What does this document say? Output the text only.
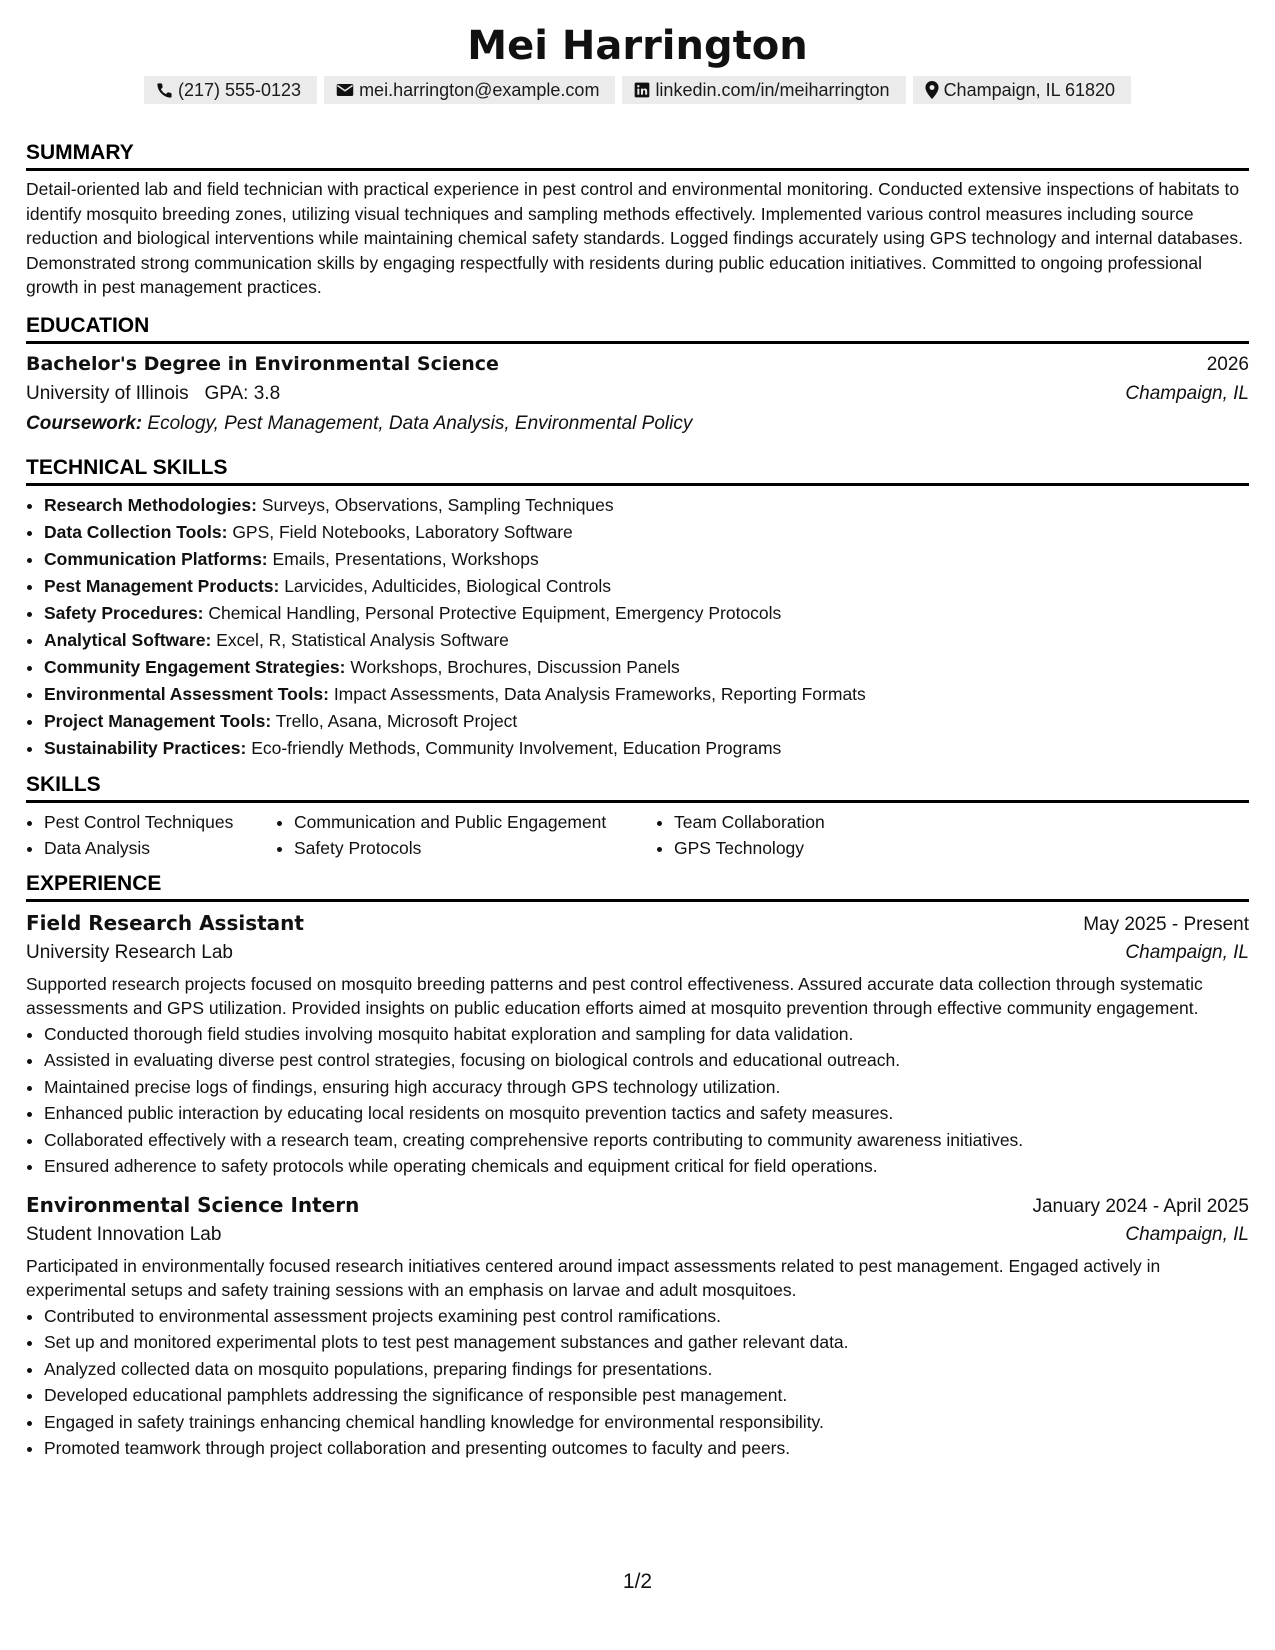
Mei Harrington
(217) 555-0123	mei.harrington@example.com	linkedin.com/in/meiharrington	Champaign, IL 61820
SUMMARY

Detail-oriented lab and field technician with practical experience in pest control and environmental monitoring. Conducted extensive inspections of habitats to identify mosquito breeding zones, utilizing visual techniques and sampling methods effectively. Implemented various control measures including source reduction and biological interventions while maintaining chemical safety standards. Logged findings accurately using GPS technology and internal databases. Demonstrated strong communication skills by engaging respectfully with residents during public education initiatives. Committed to ongoing professional growth in pest management practices.

EDUCATION
Bachelor's Degree in Environmental Science	2026
University of Illinois GPA: 3.8	Champaign, IL
Coursework: Ecology, Pest Management, Data Analysis, Environmental Policy
TECHNICAL SKILLS
• Research Methodologies: Surveys, Observations, Sampling Techniques
• Data Collection Tools: GPS, Field Notebooks, Laboratory Software
• Communication Platforms: Emails, Presentations, Workshops
• Pest Management Products: Larvicides, Adulticides, Biological Controls
• Safety Procedures: Chemical Handling, Personal Protective Equipment, Emergency Protocols
• Analytical Software: Excel, R, Statistical Analysis Software
• Community Engagement Strategies: Workshops, Brochures, Discussion Panels
• Environmental Assessment Tools: Impact Assessments, Data Analysis Frameworks, Reporting Formats
• Project Management Tools: Trello, Asana, Microsoft Project
• Sustainability Practices: Eco-friendly Methods, Community Involvement, Education Programs
SKILLS
• Pest Control Techniques
• Data Analysis
• Communication and Public Engagement
• Safety Protocols
• Team Collaboration
• GPS Technology
EXPERIENCE
Field Research Assistant	May 2025 - Present
University Research Lab	Champaign, IL

Supported research projects focused on mosquito breeding patterns and pest control effectiveness. Assured accurate data collection through systematic assessments and GPS utilization. Provided insights on public education efforts aimed at mosquito prevention through effective community engagement.

• Conducted thorough field studies involving mosquito habitat exploration and sampling for data validation.
• Assisted in evaluating diverse pest control strategies, focusing on biological controls and educational outreach.
• Maintained precise logs of findings, ensuring high accuracy through GPS technology utilization.
• Enhanced public interaction by educating local residents on mosquito prevention tactics and safety measures.
• Collaborated effectively with a research team, creating comprehensive reports contributing to community awareness initiatives.
• Ensured adherence to safety protocols while operating chemicals and equipment critical for field operations.
Environmental Science Intern	January 2024 - April 2025
Student Innovation Lab	Champaign, IL

Participated in environmentally focused research initiatives centered around impact assessments related to pest management. Engaged actively in experimental setups and safety training sessions with an emphasis on larvae and adult mosquitoes.

• Contributed to environmental assessment projects examining pest control ramifications.
• Set up and monitored experimental plots to test pest management substances and gather relevant data.
• Analyzed collected data on mosquito populations, preparing findings for presentations.
• Developed educational pamphlets addressing the significance of responsible pest management.
• Engaged in safety trainings enhancing chemical handling knowledge for environmental responsibility.
• Promoted teamwork through project collaboration and presenting outcomes to faculty and peers.
1/2
